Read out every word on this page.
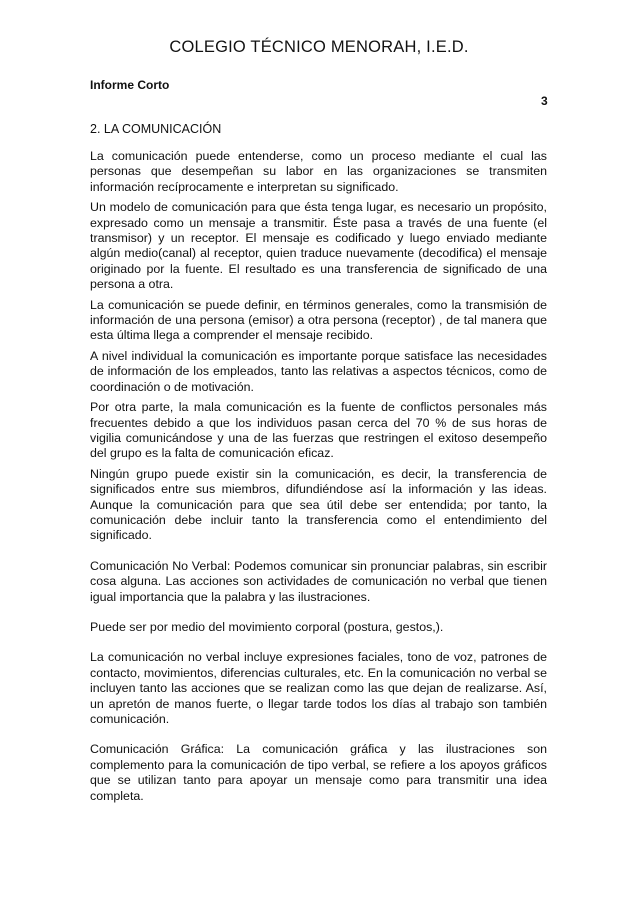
COLEGIO TÉCNICO MENORAH, I.E.D.
Informe Corto
3
2. LA COMUNICACIÓN

La comunicación puede entenderse, como un proceso mediante el cual las personas que desempeñan su labor en las organizaciones se transmiten información recíprocamente e interpretan su significado.

Un modelo de comunicación para que ésta tenga lugar, es necesario un propósito, expresado como un mensaje a transmitir. Éste pasa a través de una fuente (el transmisor) y un receptor. El mensaje es codificado y luego enviado mediante algún medio(canal) al receptor, quien traduce nuevamente (decodifica) el mensaje originado por la fuente. El resultado es una transferencia de significado de una persona a otra.

La comunicación se puede definir, en términos generales, como la transmisión de información de una persona (emisor) a otra persona (receptor) , de tal manera que esta última llega a comprender el mensaje recibido.

A nivel individual la comunicación es importante porque satisface las necesidades de información de los empleados, tanto las relativas a aspectos técnicos, como de coordinación o de motivación.

Por otra parte, la mala comunicación es la fuente de conflictos personales más frecuentes debido a que los individuos pasan cerca del 70 % de sus horas de vigilia comunicándose y una de las fuerzas que restringen el exitoso desempeño del grupo es la falta de comunicación eficaz.

Ningún grupo puede existir sin la comunicación, es decir, la transferencia de significados entre sus miembros, difundiéndose así la información y las ideas. Aunque la comunicación para que sea útil debe ser entendida; por tanto, la comunicación debe incluir tanto la transferencia como el entendimiento del significado.

Comunicación No Verbal: Podemos comunicar sin pronunciar palabras, sin escribir cosa alguna. Las acciones son actividades de comunicación no verbal que tienen igual importancia que la palabra y las ilustraciones.

Puede ser por medio del movimiento corporal (postura, gestos,).

La comunicación no verbal incluye expresiones faciales, tono de voz, patrones de contacto, movimientos, diferencias culturales, etc. En la comunicación no verbal se incluyen tanto las acciones que se realizan como las que dejan de realizarse. Así, un apretón de manos fuerte, o llegar tarde todos los días al trabajo son también comunicación.

Comunicación Gráfica: La comunicación gráfica y las ilustraciones son complemento para la comunicación de tipo verbal, se refiere a los apoyos gráficos que se utilizan tanto para apoyar un mensaje como para transmitir una idea completa.
